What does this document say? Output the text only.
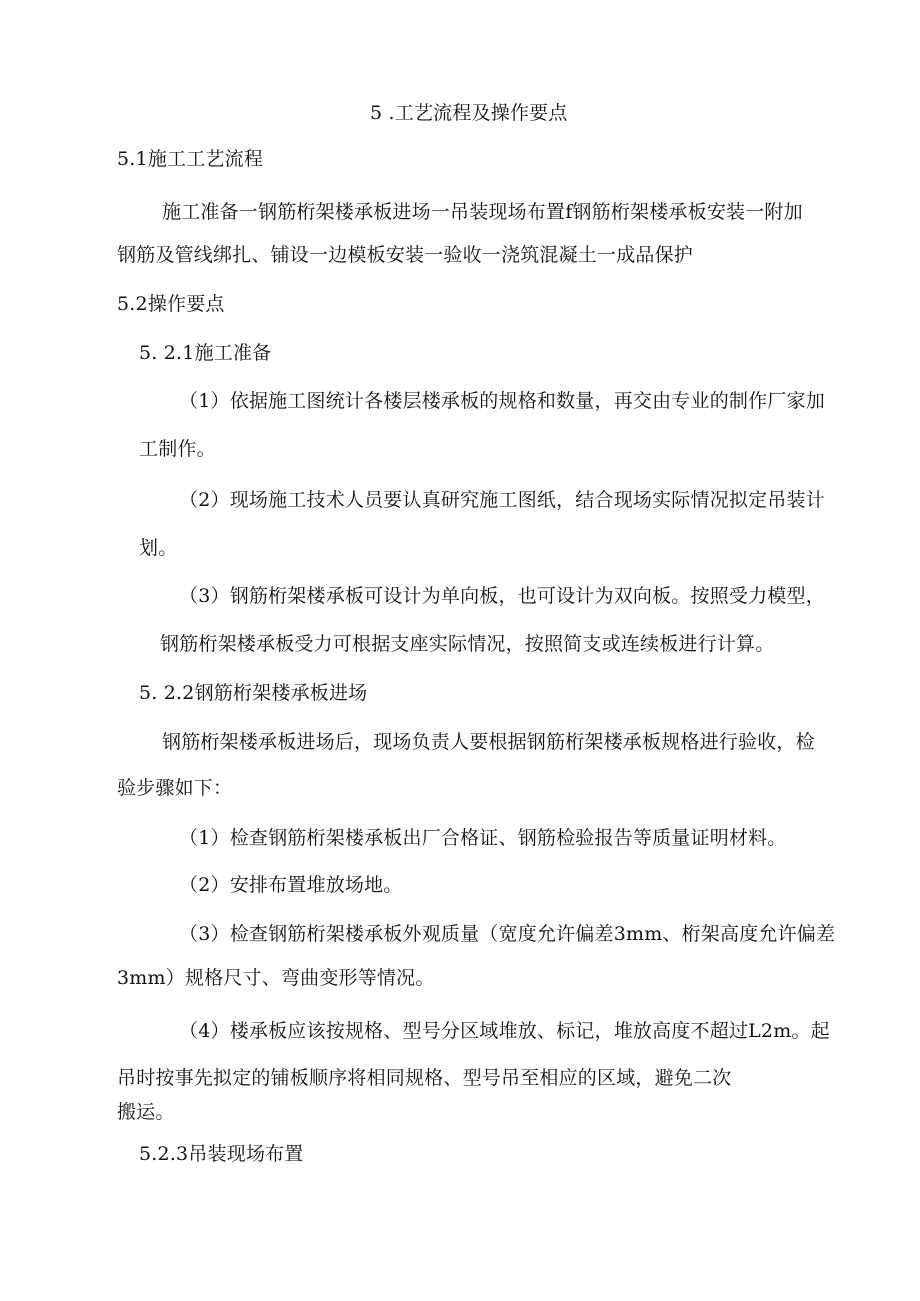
5 .工艺流程及操作要点
5.1施工工艺流程
施工准备一钢筋桁架楼承板进场一吊装现场布置f钢筋桁架楼承板安装一附加
钢筋及管线绑扎、铺设一边模板安装一验收一浇筑混凝土一成品保护
5.2操作要点
5. 2.1施工准备
（1）依据施工图统计各楼层楼承板的规格和数量，再交由专业的制作厂家加
工制作。
（2）现场施工技术人员要认真研究施工图纸，结合现场实际情况拟定吊装计
划。
（3）钢筋桁架楼承板可设计为单向板，也可设计为双向板。按照受力模型，
钢筋桁架楼承板受力可根据支座实际情况，按照简支或连续板进行计算。
5. 2.2钢筋桁架楼承板进场
钢筋桁架楼承板进场后，现场负责人要根据钢筋桁架楼承板规格进行验收，检
验步骤如下：
（1）检查钢筋桁架楼承板出厂合格证、钢筋检验报告等质量证明材料。
（2）安排布置堆放场地。
（3）检查钢筋桁架楼承板外观质量（宽度允许偏差3mm、桁架高度允许偏差
3mm）规格尺寸、弯曲变形等情况。
（4）楼承板应该按规格、型号分区域堆放、标记，堆放高度不超过L2m。起
吊时按事先拟定的铺板顺序将相同规格、型号吊至相应的区域，避免二次
搬运。
5.2.3吊装现场布置
